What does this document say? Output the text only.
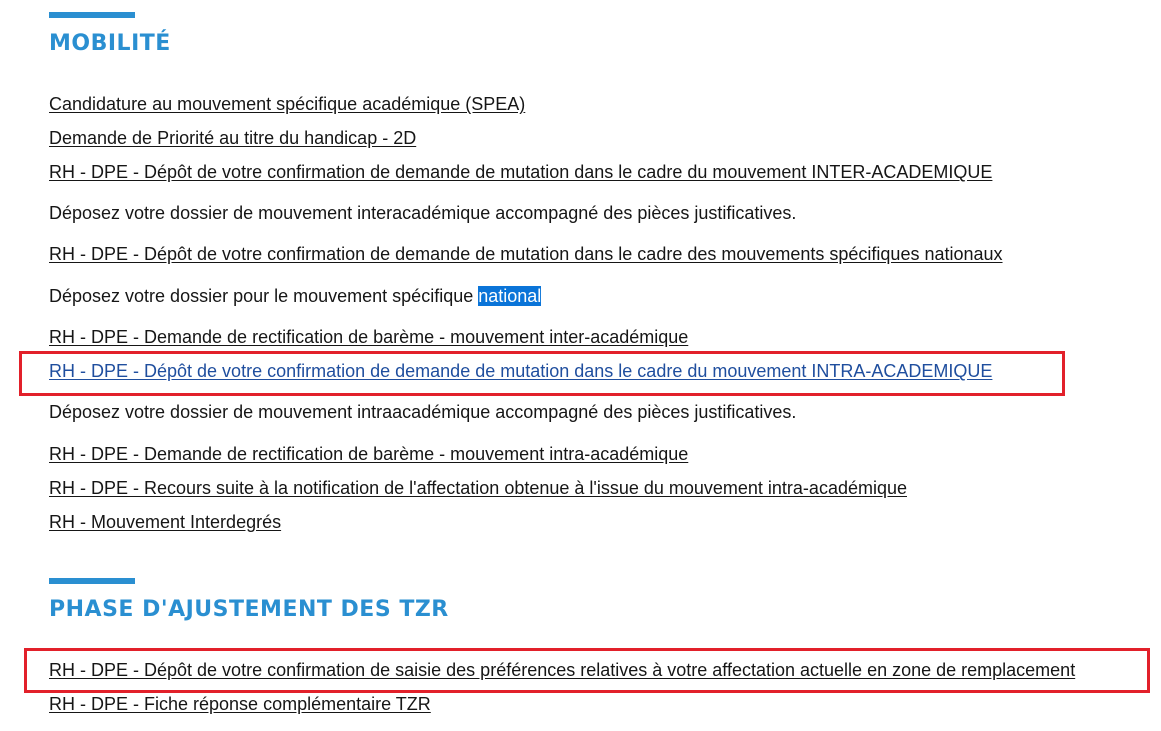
MOBILITÉ
Candidature au mouvement spécifique académique (SPEA)
Demande de Priorité au titre du handicap - 2D
RH - DPE - Dépôt de votre confirmation de demande de mutation dans le cadre du mouvement INTER-ACADEMIQUE
Déposez votre dossier de mouvement interacadémique accompagné des pièces justificatives.
RH - DPE - Dépôt de votre confirmation de demande de mutation dans le cadre des mouvements spécifiques nationaux
Déposez votre dossier pour le mouvement spécifique national
RH - DPE - Demande de rectification de barème - mouvement inter-académique
RH - DPE - Dépôt de votre confirmation de demande de mutation dans le cadre du mouvement INTRA-ACADEMIQUE
Déposez votre dossier de mouvement intraacadémique accompagné des pièces justificatives.
RH - DPE - Demande de rectification de barème - mouvement intra-académique
RH - DPE - Recours suite à la notification de l'affectation obtenue à l'issue du mouvement intra-académique
RH - Mouvement Interdegrés
PHASE D'AJUSTEMENT DES TZR
RH - DPE - Dépôt de votre confirmation de saisie des préférences relatives à votre affectation actuelle en zone de remplacement
RH - DPE - Fiche réponse complémentaire TZR
